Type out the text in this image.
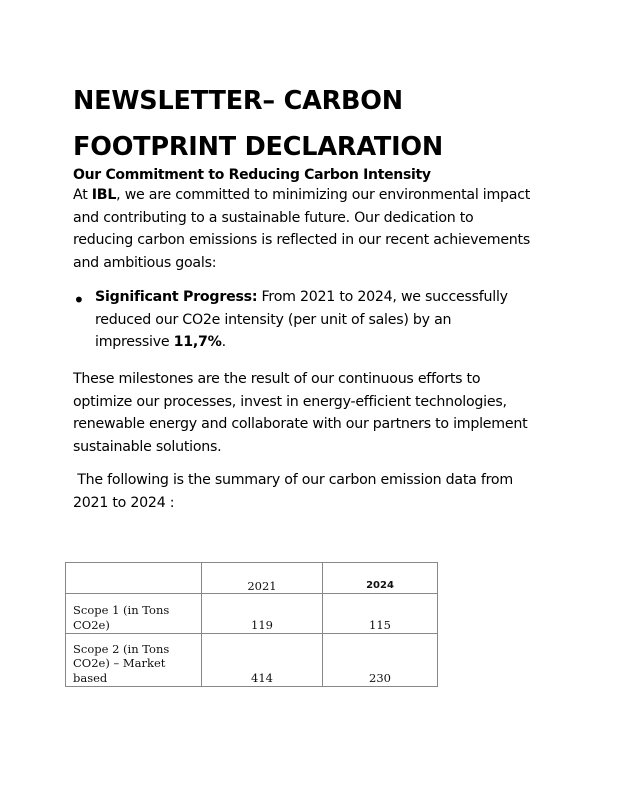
NEWSLETTER– CARBON
FOOTPRINT DECLARATION
Our Commitment to Reducing Carbon Intensity
At IBL, we are committed to minimizing our environmental impact
and contributing to a sustainable future. Our dedication to
reducing carbon emissions is reflected in our recent achievements
and ambitious goals:
• Significant Progress: From 2021 to 2024, we successfully
reduced our CO2e intensity (per unit of sales) by an
impressive 11,7%.
These milestones are the result of our continuous efforts to
optimize our processes, invest in energy-efficient technologies,
renewable energy and collaborate with our partners to implement
sustainable solutions.
The following is the summary of our carbon emission data from
2021 to 2024 :
	2021	2024

Scope 1 (in Tons
CO2e)	119	115

Scope 2 (in Tons
CO2e) – Market
based	414	230
